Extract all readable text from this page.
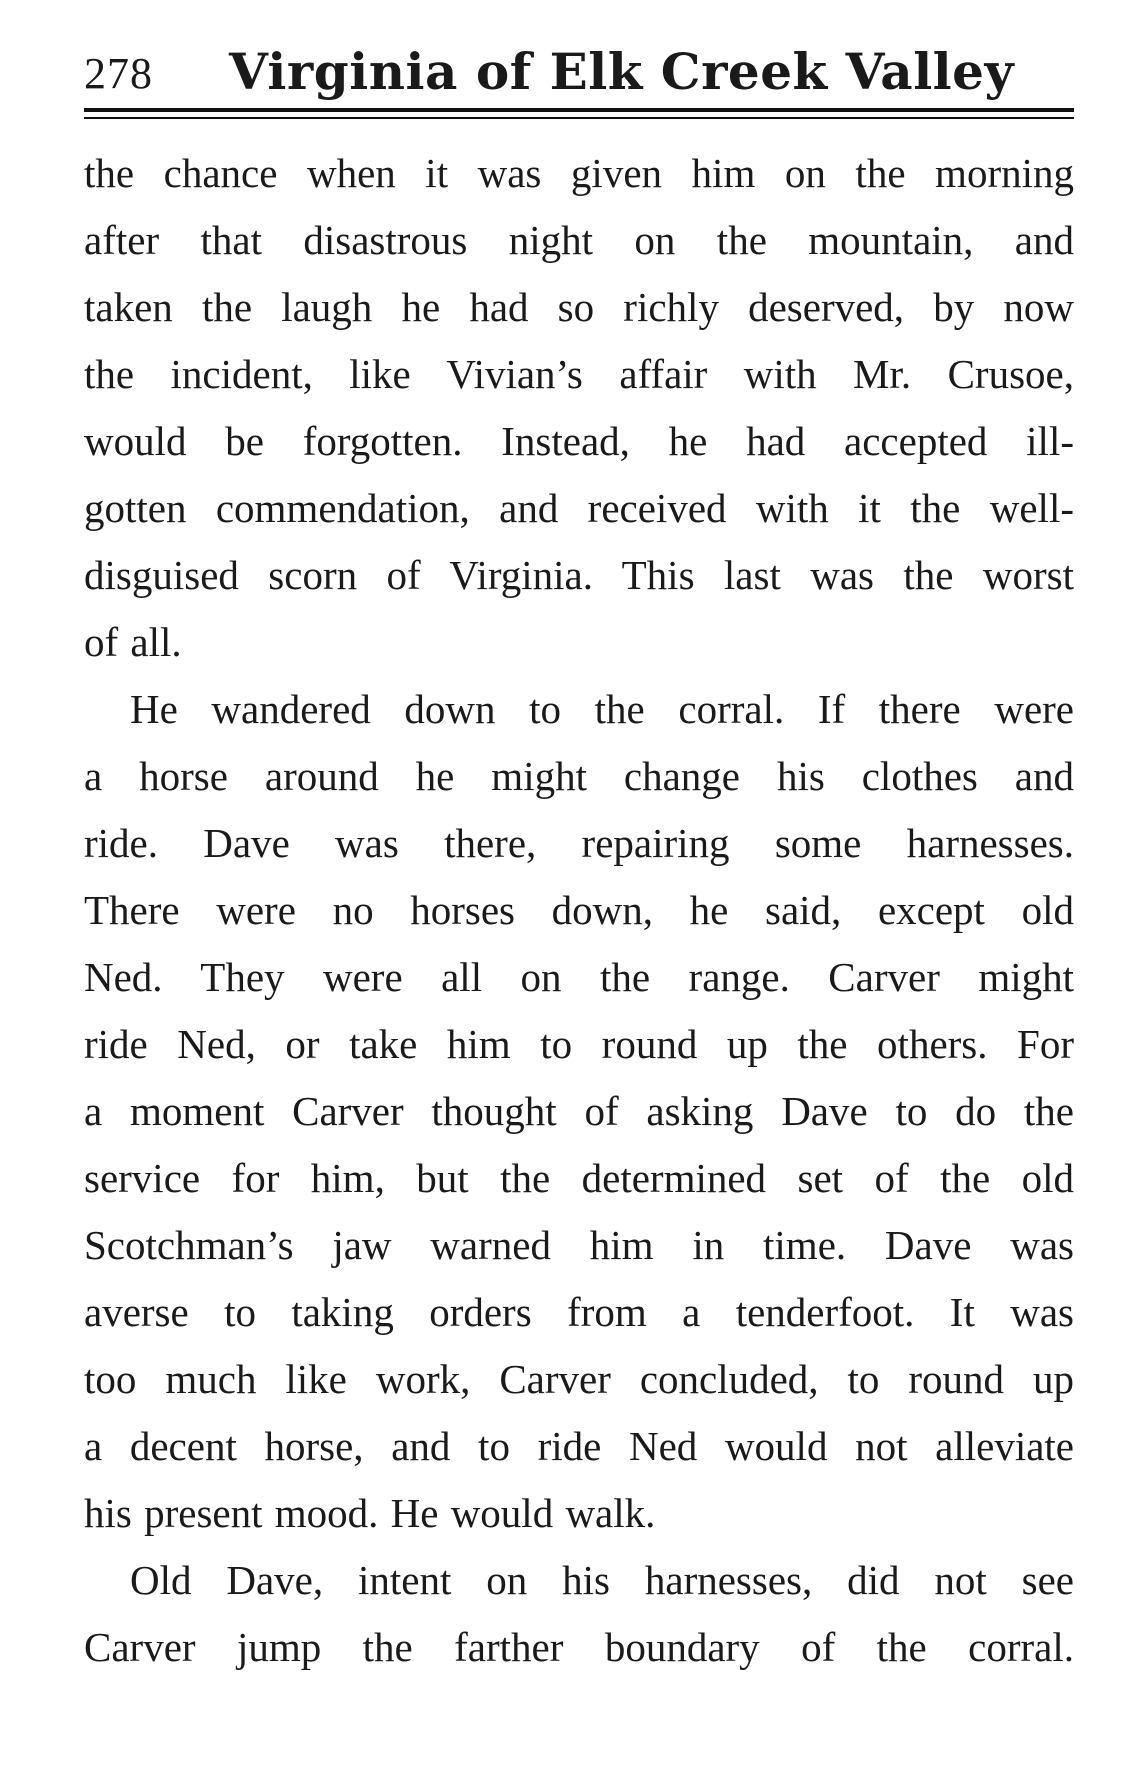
278 Virginia of Elk Creek Valley
the chance when it was given him on the morning
after that disastrous night on the mountain, and
taken the laugh he had so richly deserved, by now
the incident, like Vivian’s affair with Mr. Crusoe,
would be forgotten. Instead, he had accepted ill-
gotten commendation, and received with it the well-
disguised scorn of Virginia. This last was the worst
of all.
He wandered down to the corral. If there were
a horse around he might change his clothes and
ride. Dave was there, repairing some harnesses.
There were no horses down, he said, except old
Ned. They were all on the range. Carver might
ride Ned, or take him to round up the others. For
a moment Carver thought of asking Dave to do the
service for him, but the determined set of the old
Scotchman’s jaw warned him in time. Dave was
averse to taking orders from a tenderfoot. It was
too much like work, Carver concluded, to round up
a decent horse, and to ride Ned would not alleviate
his present mood. He would walk.
Old Dave, intent on his harnesses, did not see
Carver jump the farther boundary of the corral.
